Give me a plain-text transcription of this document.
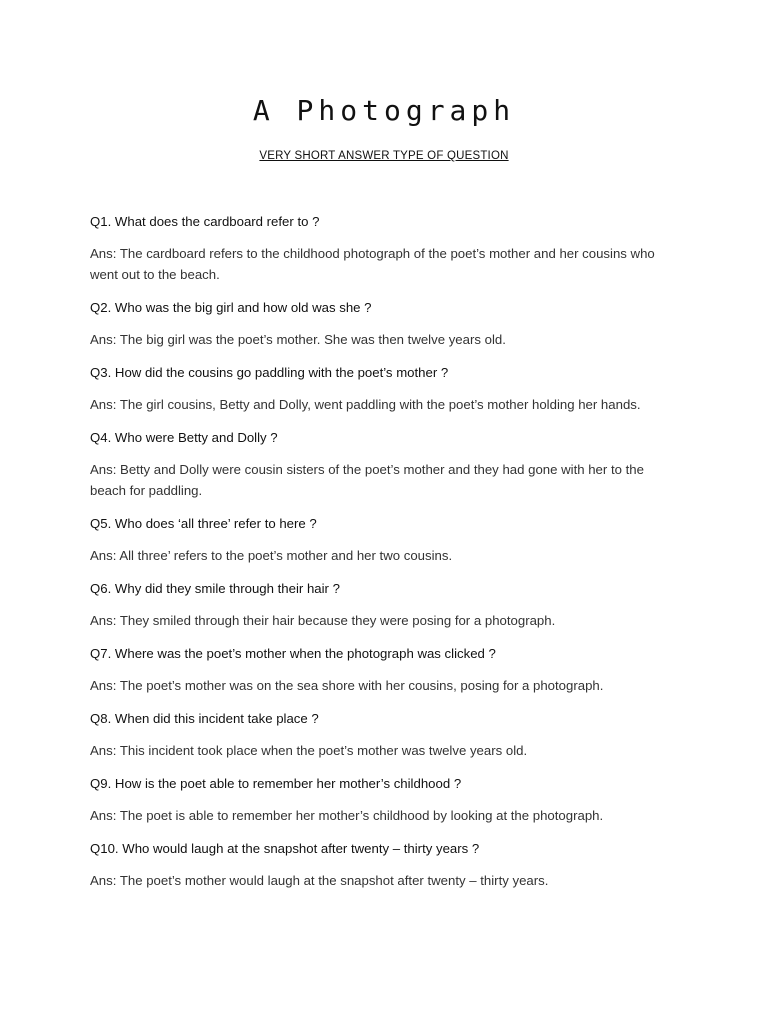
A Photograph
VERY SHORT ANSWER TYPE OF QUESTION

Q1. What does the cardboard refer to ?

Ans: The cardboard refers to the childhood photograph of the poet’s mother and her cousins who went out to the beach.

Q2. Who was the big girl and how old was she ?

Ans: The big girl was the poet’s mother. She was then twelve years old.

Q3. How did the cousins go paddling with the poet’s mother ?

Ans: The girl cousins, Betty and Dolly, went paddling with the poet’s mother holding her hands.

Q4. Who were Betty and Dolly ?

Ans: Betty and Dolly were cousin sisters of the poet’s mother and they had gone with her to the beach for paddling.

Q5. Who does ‘all three’ refer to here ?

Ans: All three’ refers to the poet’s mother and her two cousins.

Q6. Why did they smile through their hair ?

Ans: They smiled through their hair because they were posing for a photograph.

Q7. Where was the poet’s mother when the photograph was clicked ?

Ans: The poet’s mother was on the sea shore with her cousins, posing for a photograph.

Q8. When did this incident take place ?

Ans: This incident took place when the poet’s mother was twelve years old.

Q9. How is the poet able to remember her mother’s childhood ?

Ans: The poet is able to remember her mother’s childhood by looking at the photograph.

Q10. Who would laugh at the snapshot after twenty – thirty years ?

Ans: The poet’s mother would laugh at the snapshot after twenty – thirty years.
